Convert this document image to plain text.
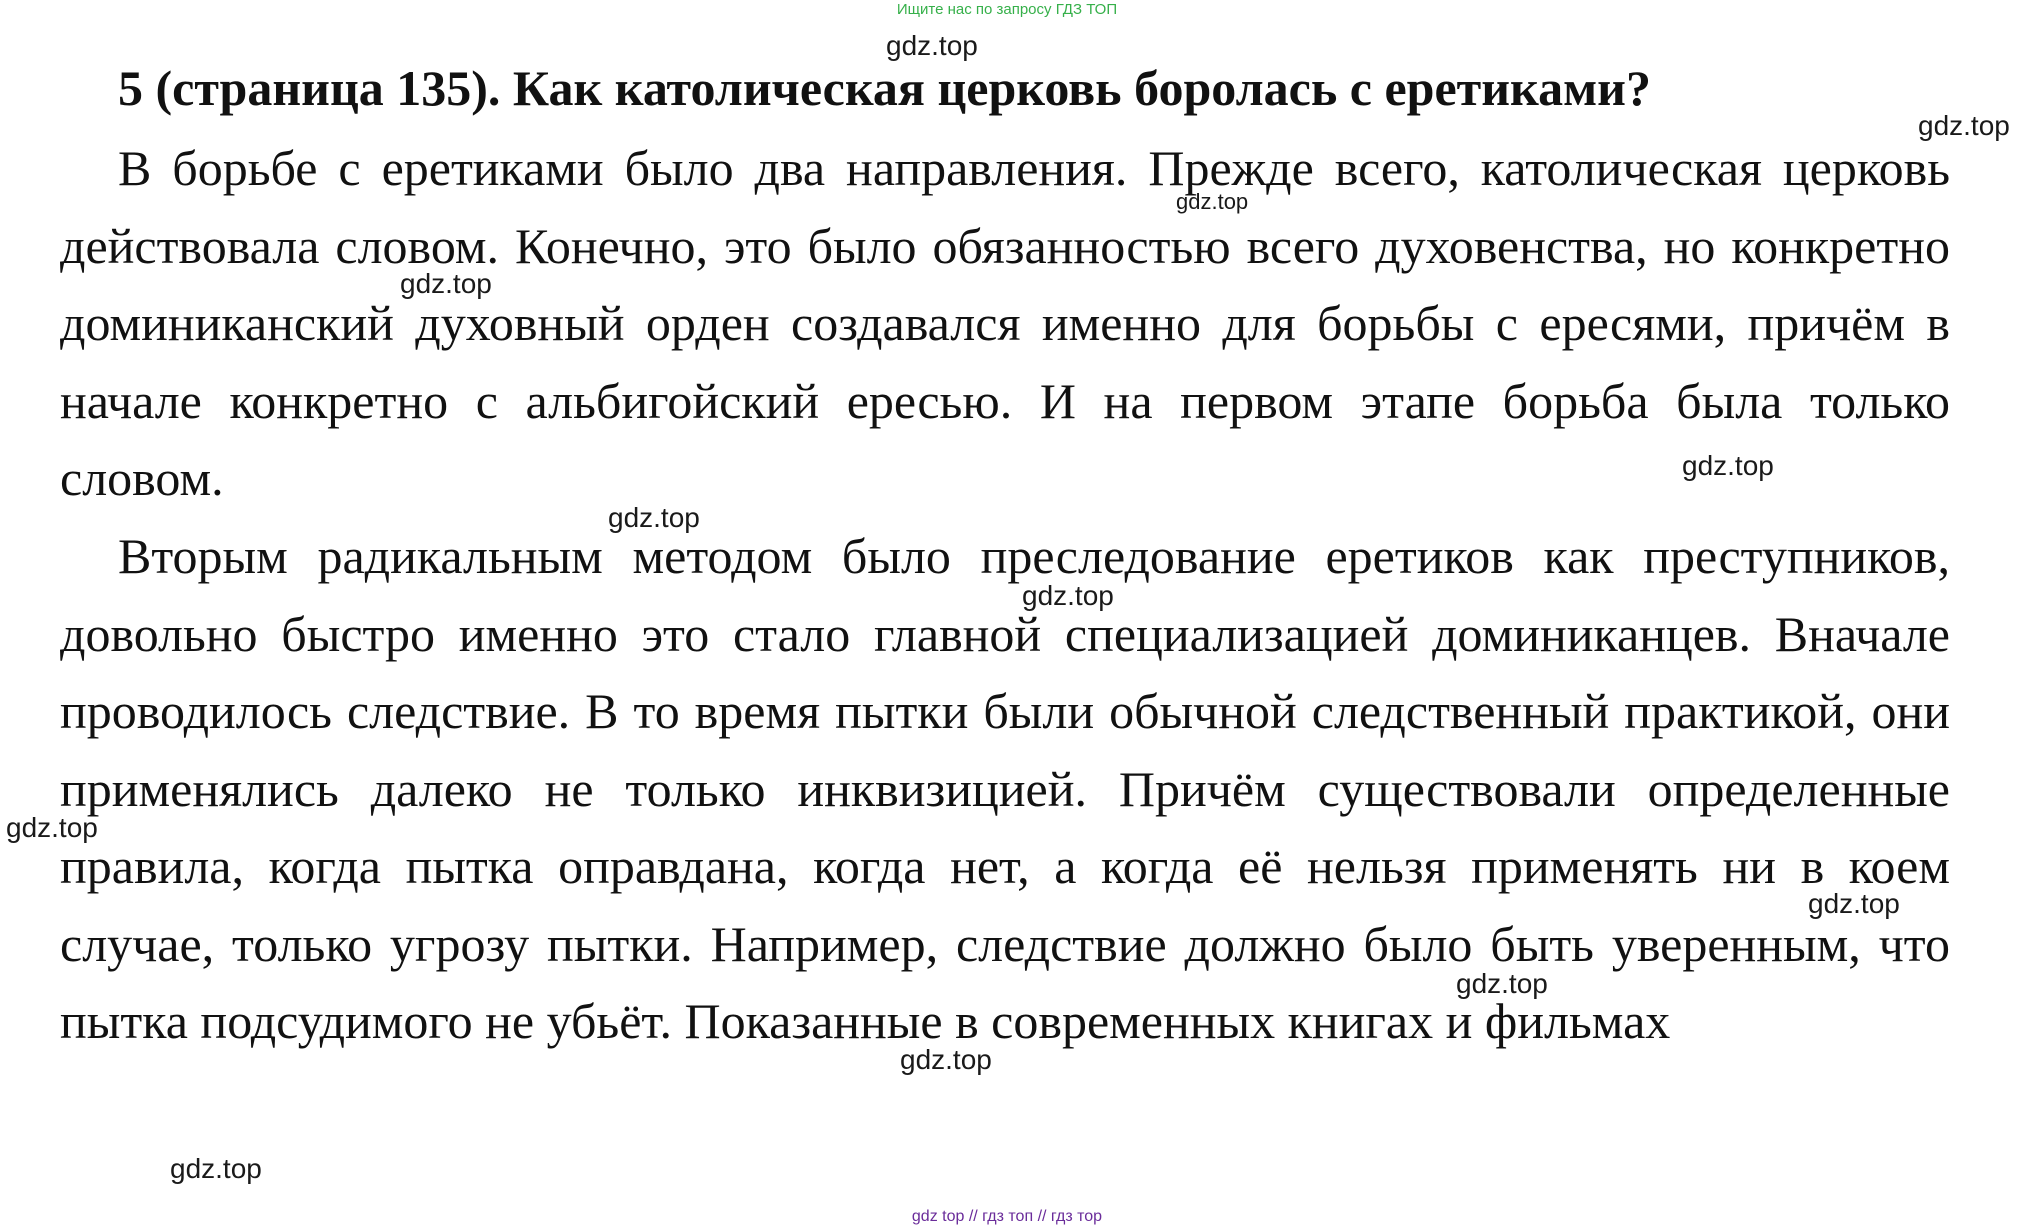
Ищите нас по запросу ГДЗ ТОП
5 (страница 135). Как католическая церковь боролась с еретиками?

В борьбе с еретиками было два направления. Прежде всего, католическая церковь действовала словом. Конечно, это было обязанностью всего духовенства, но конкретно доминиканский духовный орден создавался именно для борьбы с ересями, причём в начале конкретно с альбигойский ересью. И на первом этапе борьба была только словом.

Вторым радикальным методом было преследование еретиков как преступников, довольно быстро именно это стало главной специализацией доминиканцев. Вначале проводилось следствие. В то время пытки были обычной следственный практикой, они применялись далеко не только инквизицией. Причём существовали определенные правила, когда пытка оправдана, когда нет, а когда её нельзя применять ни в коем случае, только угрозу пытки. Например, следствие должно было быть уверенным, что пытка подсудимого не убьёт. Показанные в современных книгах и фильмах

gdz.top
gdz.top
gdz.top
gdz.top
gdz.top
gdz.top
gdz.top
gdz.top
gdz.top
gdz.top
gdz.top
gdz.top
gdz top // гдз топ // гдз тор
